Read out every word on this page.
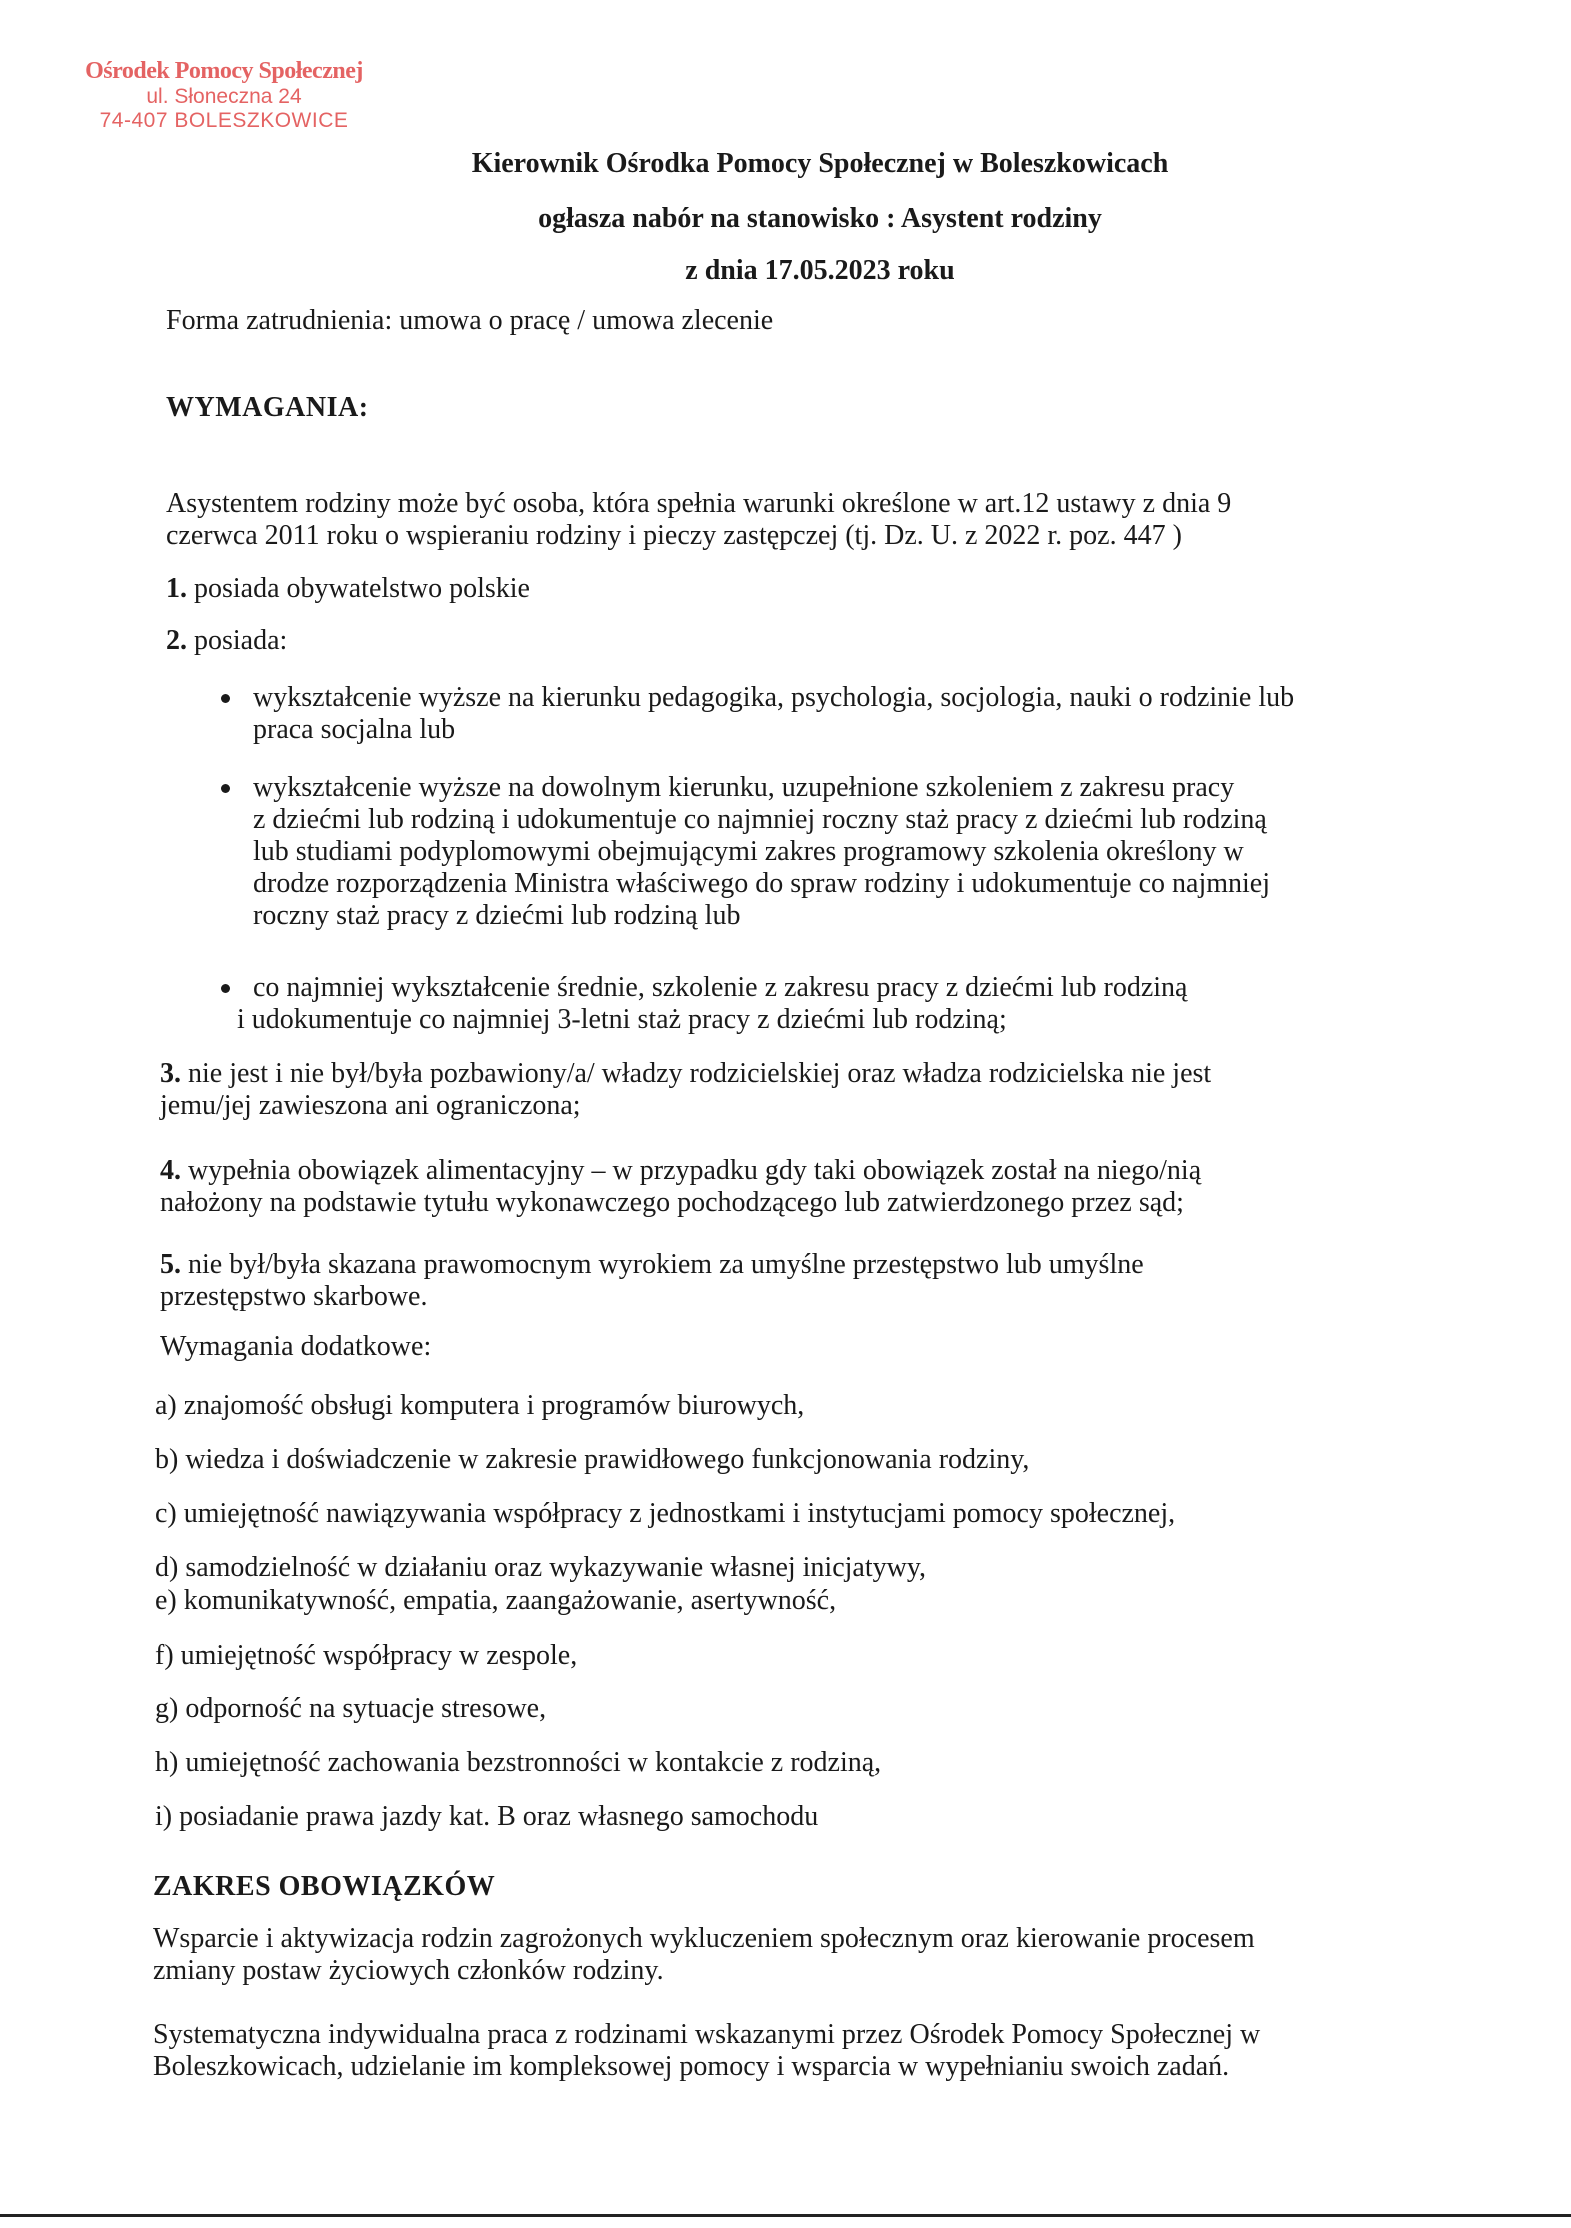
Ośrodek Pomocy Społecznej
ul. Słoneczna 24
74-407 BOLESZKOWICE
Kierownik Ośrodka Pomocy Społecznej w Boleszkowicach
ogłasza nabór na stanowisko : Asystent rodziny
z dnia 17.05.2023 roku
Forma zatrudnienia: umowa o pracę / umowa zlecenie
WYMAGANIA:
Asystentem rodziny może być osoba, która spełnia warunki określone w art.12 ustawy z dnia 9
czerwca 2011 roku o wspieraniu rodziny i pieczy zastępczej (tj. Dz. U. z 2022 r. poz. 447 )
1. posiada obywatelstwo polskie
2. posiada:
wykształcenie wyższe na kierunku pedagogika, psychologia, socjologia, nauki o rodzinie lub
praca socjalna lub
wykształcenie wyższe na dowolnym kierunku, uzupełnione szkoleniem z zakresu pracy
z dziećmi lub rodziną i udokumentuje co najmniej roczny staż pracy z dziećmi lub rodziną
lub studiami podyplomowymi obejmującymi zakres programowy szkolenia określony w
drodze rozporządzenia Ministra właściwego do spraw rodziny i udokumentuje co najmniej
roczny staż pracy z dziećmi lub rodziną lub
co najmniej wykształcenie średnie, szkolenie z zakresu pracy z dziećmi lub rodziną
i udokumentuje co najmniej 3-letni staż pracy z dziećmi lub rodziną;
3. nie jest i nie był/była pozbawiony/a/ władzy rodzicielskiej oraz władza rodzicielska nie jest
jemu/jej zawieszona ani ograniczona;
4. wypełnia obowiązek alimentacyjny – w przypadku gdy taki obowiązek został na niego/nią
nałożony na podstawie tytułu wykonawczego pochodzącego lub zatwierdzonego przez sąd;
5. nie był/była skazana prawomocnym wyrokiem za umyślne przestępstwo lub umyślne
przestępstwo skarbowe.
Wymagania dodatkowe:
a) znajomość obsługi komputera i programów biurowych,
b) wiedza i doświadczenie w zakresie prawidłowego funkcjonowania rodziny,
c) umiejętność nawiązywania współpracy z jednostkami i instytucjami pomocy społecznej,
d) samodzielność w działaniu oraz wykazywanie własnej inicjatywy,
e) komunikatywność, empatia, zaangażowanie, asertywność,
f) umiejętność współpracy w zespole,
g) odporność na sytuacje stresowe,
h) umiejętność zachowania bezstronności w kontakcie z rodziną,
i) posiadanie prawa jazdy kat. B oraz własnego samochodu
ZAKRES OBOWIĄZKÓW
Wsparcie i aktywizacja rodzin zagrożonych wykluczeniem społecznym oraz kierowanie procesem
zmiany postaw życiowych członków rodziny.
Systematyczna indywidualna praca z rodzinami wskazanymi przez Ośrodek Pomocy Społecznej w
Boleszkowicach, udzielanie im kompleksowej pomocy i wsparcia w wypełnianiu swoich zadań.
